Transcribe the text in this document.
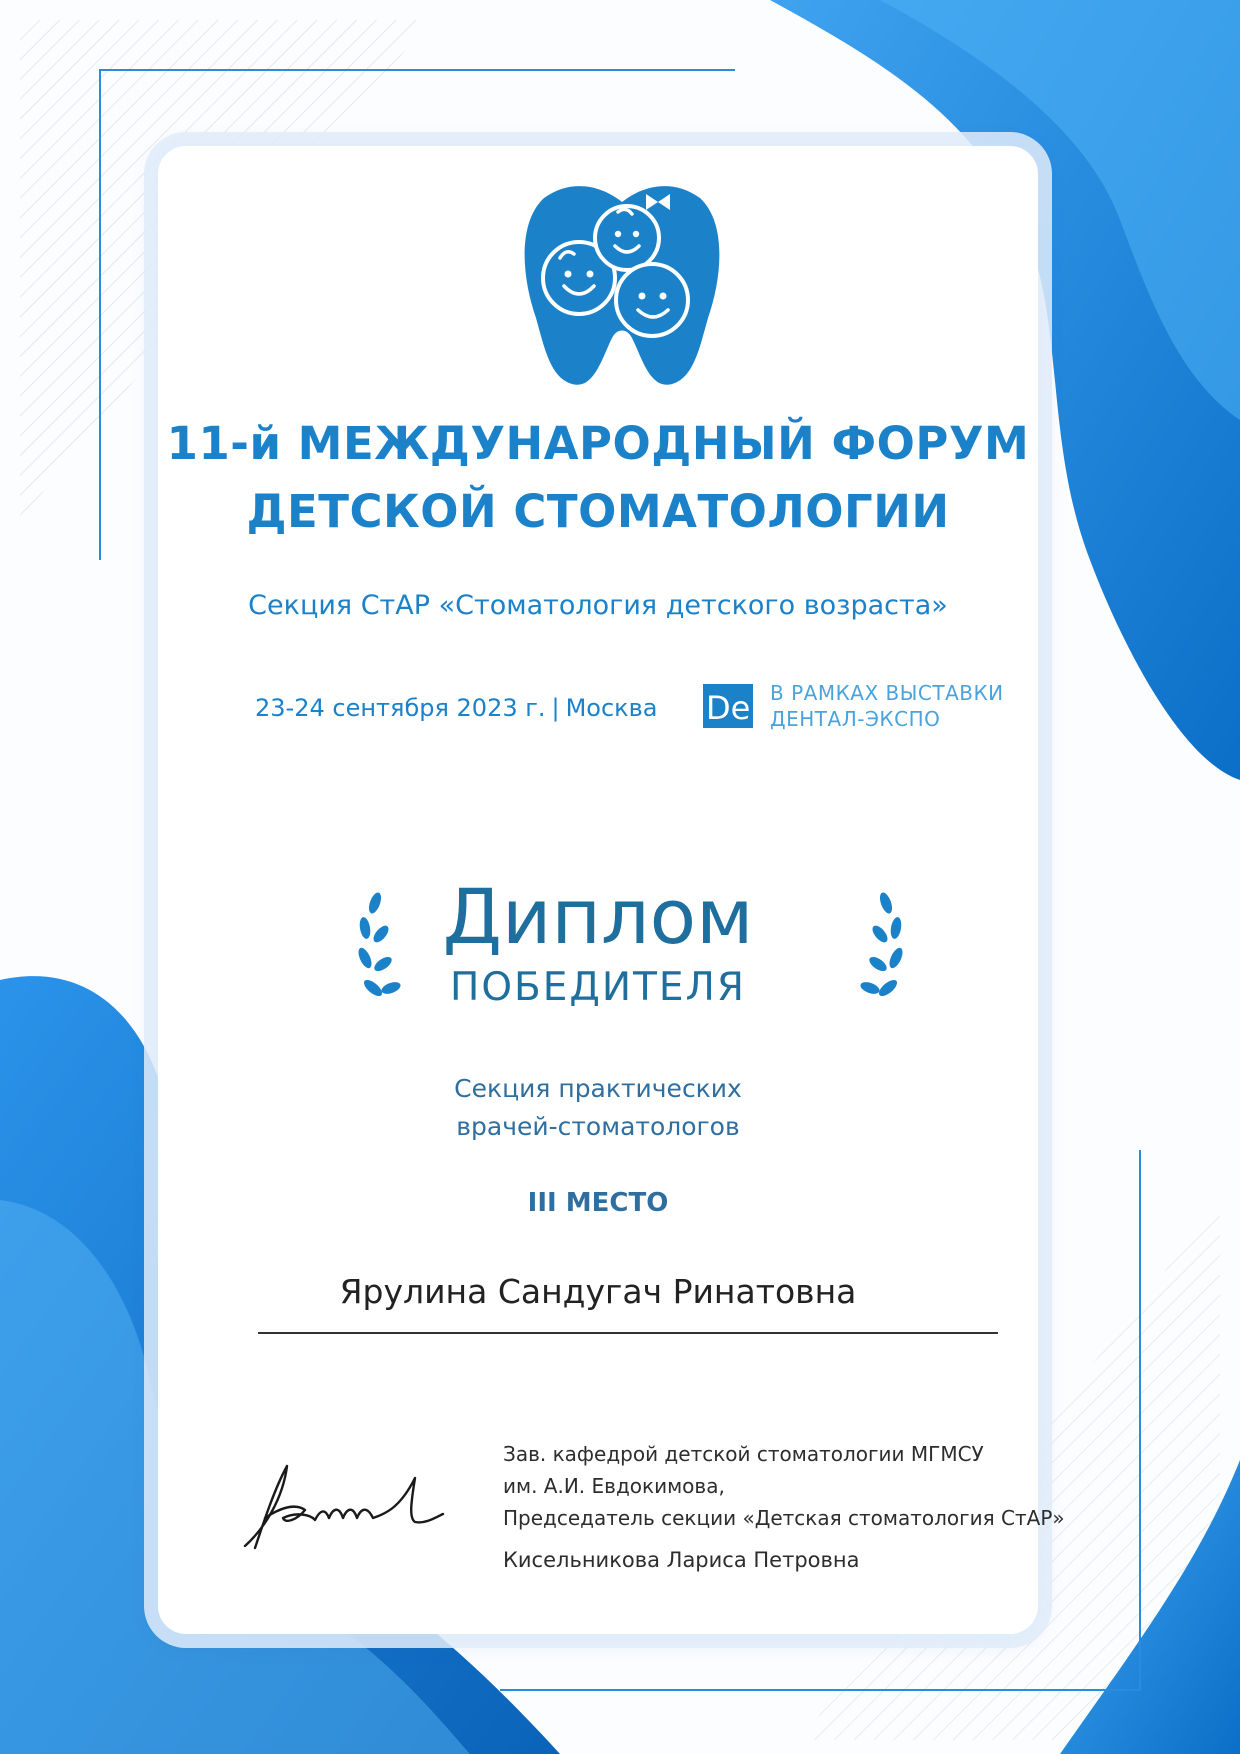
11-й МЕЖДУНАРОДНЫЙ ФОРУМ
ДЕТСКОЙ СТОМАТОЛОГИИ
Секция СтАР «Стоматология детского возраста»
23-24 сентября 2023 г. | Москва De В РАМКАХ ВЫСТАВКИ
ДЕНТАЛ-ЭКСПО
Диплом
ПОБЕДИТЕЛЯ
Секция практических
врачей-стоматологов
III МЕСТО
Ярулина Сандугач Ринатовна
Зав. кафедрой детской стоматологии МГМСУ
им. А.И. Евдокимова,
Председатель секции «Детская стоматология СтАР»
Кисельникова Лариса Петровна
